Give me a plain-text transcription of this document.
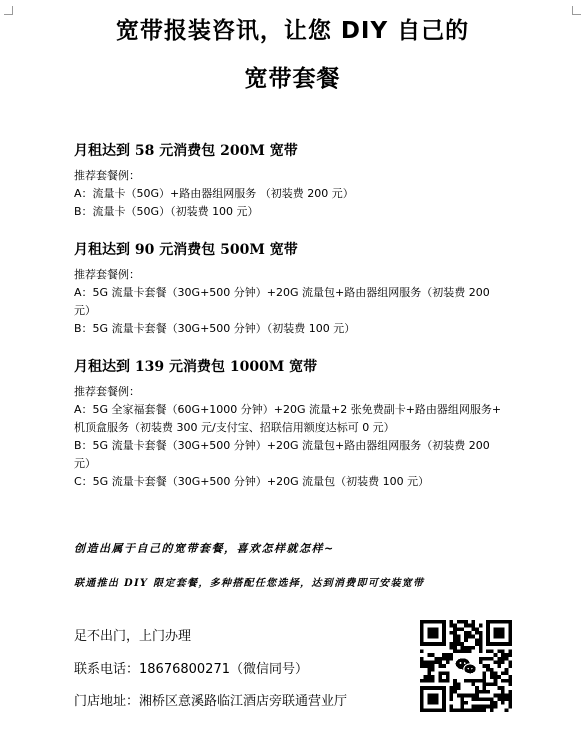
宽带报装咨讯，让您 DIY 自己的
宽带套餐
月租达到 58 元消费包 200M 宽带
推荐套餐例：
A：流量卡（50G）+路由器组网服务 （初装费 200 元）
B：流量卡（50G）（初装费 100 元）
月租达到 90 元消费包 500M 宽带
推荐套餐例：
A：5G 流量卡套餐（30G+500 分钟）+20G 流量包+路由器组网服务（初装费 200
元）
B：5G 流量卡套餐（30G+500 分钟）（初装费 100 元）
月租达到 139 元消费包 1000M 宽带
推荐套餐例：
A：5G 全家福套餐（60G+1000 分钟）+20G 流量+2 张免费副卡+路由器组网服务+
机顶盒服务（初装费 300 元/支付宝、招联信用额度达标可 0 元）
B：5G 流量卡套餐（30G+500 分钟）+20G 流量包+路由器组网服务（初装费 200
元）
C：5G 流量卡套餐（30G+500 分钟）+20G 流量包（初装费 100 元）
创造出属于自己的宽带套餐，喜欢怎样就怎样~
联通推出 DIY 限定套餐，多种搭配任您选择，达到消费即可安装宽带
足不出门，上门办理
联系电话：18676800271（微信同号）
门店地址：湘桥区意溪路临江酒店旁联通营业厅
